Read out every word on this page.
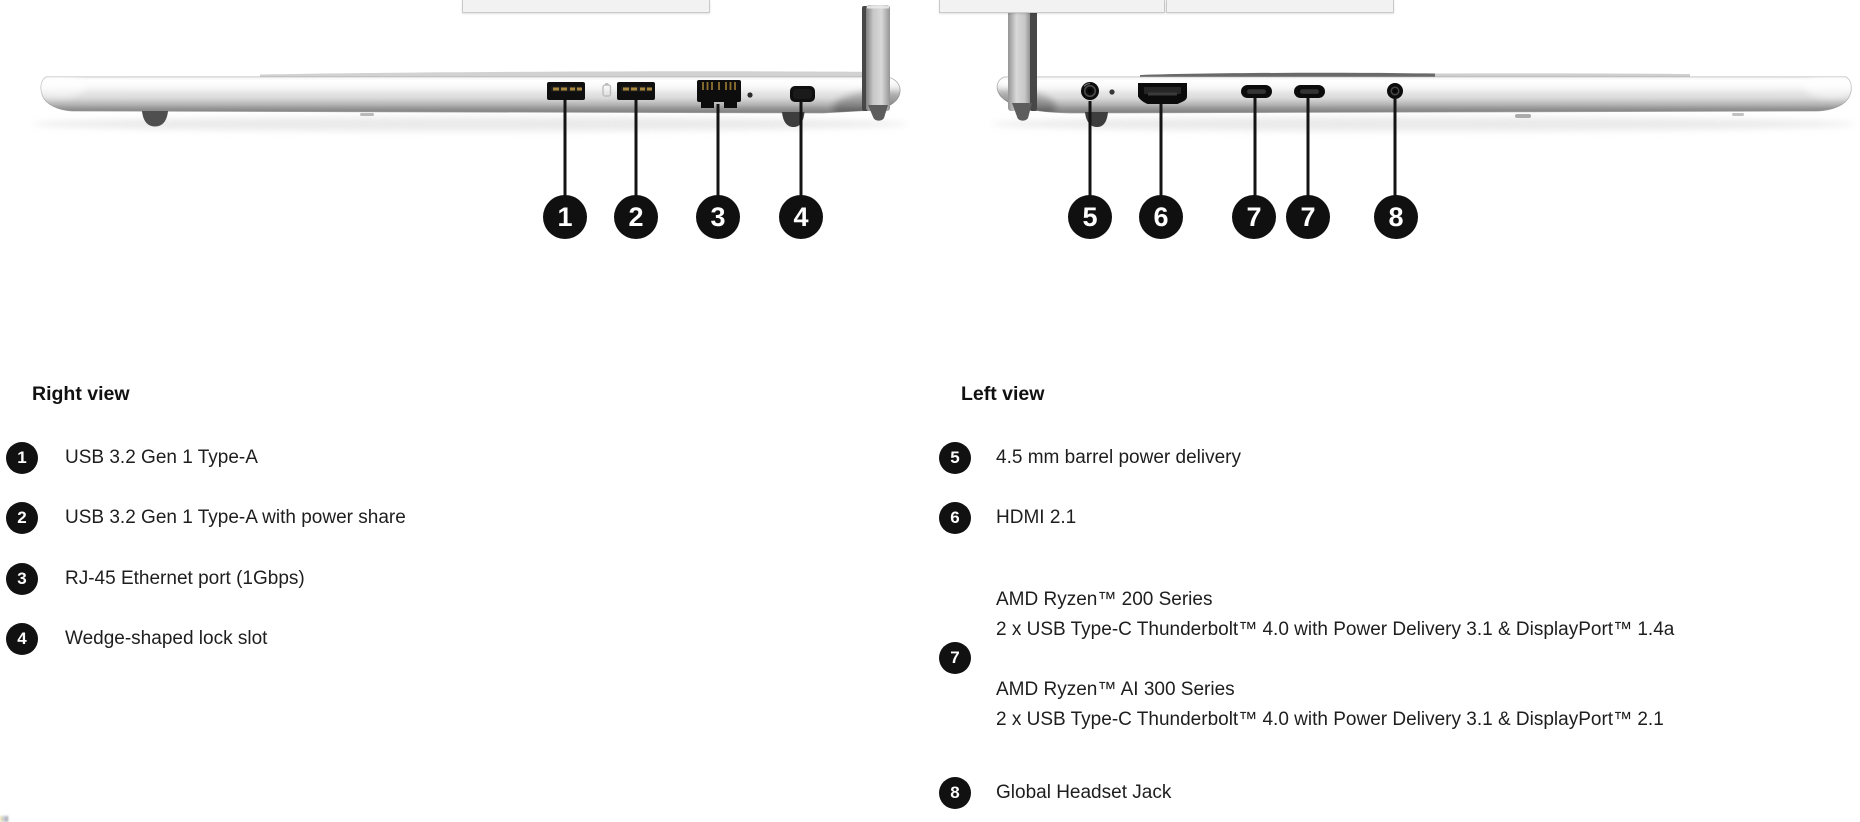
1	2	3	4	5	6	7	7	8
Right view
1	USB 3.2 Gen 1 Type-A
2	USB 3.2 Gen 1 Type-A with power share
3	RJ-45 Ethernet port (1Gbps)
4	Wedge-shaped lock slot
Left view
5	4.5 mm barrel power delivery
6	HDMI 2.1
7

AMD Ryzen™ 200 Series

2 x USB Type-C Thunderbolt™ 4.0 with Power Delivery 3.1 & DisplayPort™ 1.4a

AMD Ryzen™ AI 300 Series

2 x USB Type-C Thunderbolt™ 4.0 with Power Delivery 3.1 & DisplayPort™ 2.1

8	Global Headset Jack
